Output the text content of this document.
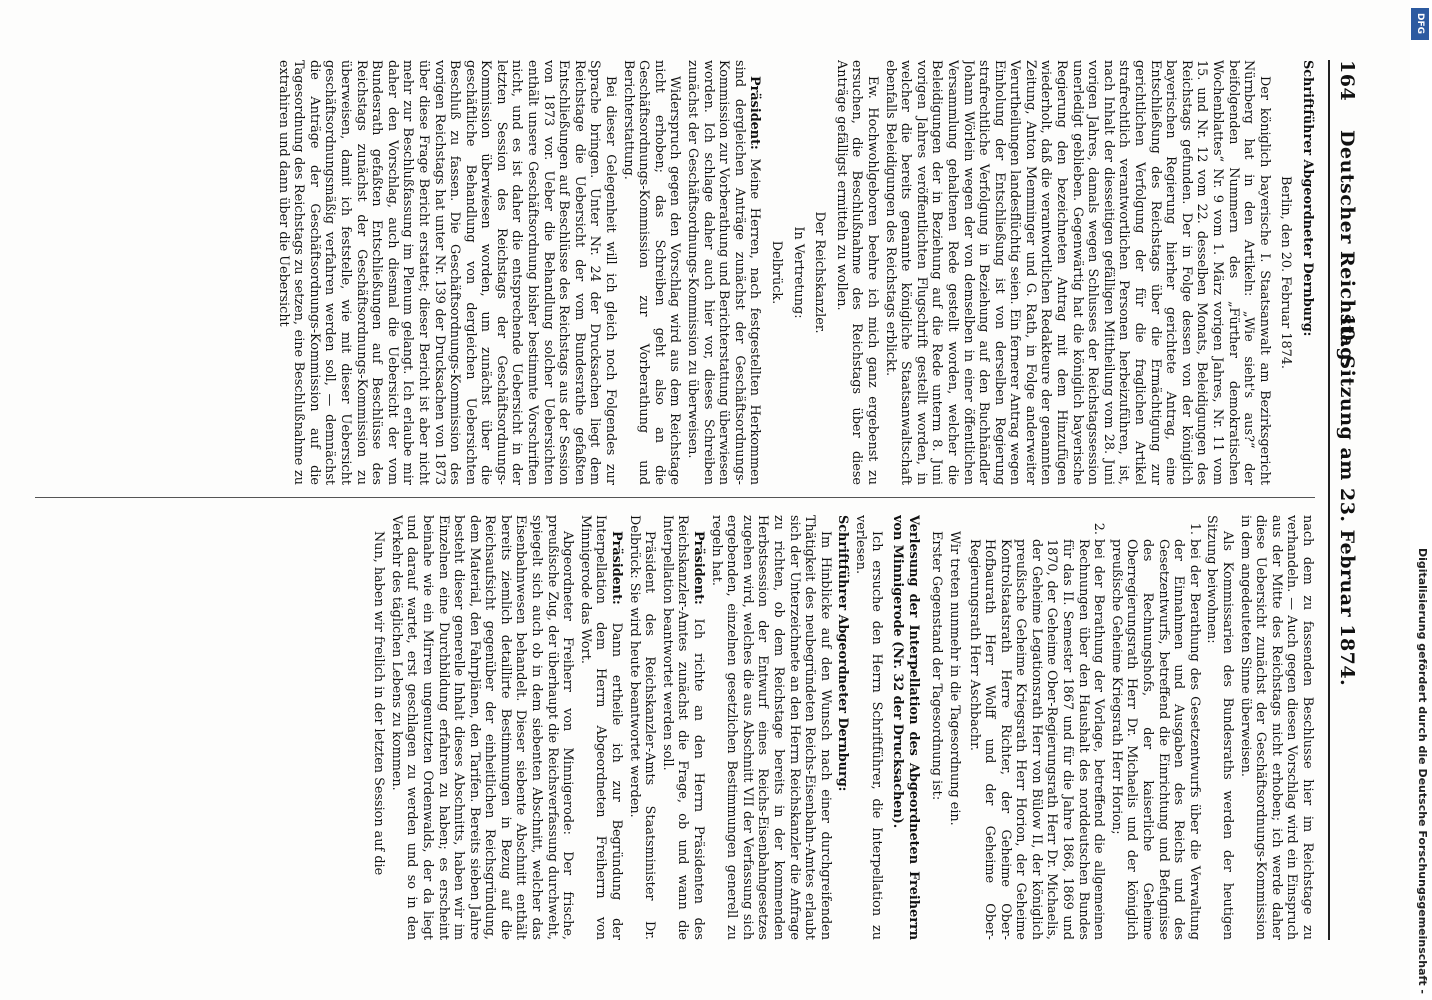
164
Deutscher Reichstag.
10. Sitzung am 23. Februar 1874.

Schriftführer Abgeordneter Dernburg:

Berlin, den 20. Februar 1874.

Der königlich bayerische I. Staatsanwalt am Bezirksgericht Nürnberg hat in den Artikeln: „Wie sieht's aus?“ der beifolgenden Nummern des „Fürther demokratischen Wochenblattes“ Nr. 9 vom 1. März vorigen Jahres, Nr. 11 vom 15. und Nr. 12 vom 22. desselben Monats, Beleidigungen des Reichstags gefunden. Der in Folge dessen von der königlich bayerischen Regierung hierher gerichtete Antrag, eine Entschließung des Reichstags über die Ermächtigung zur gerichtlichen Verfolgung der für die fraglichen Artikel strafrechtlich verantwortlichen Personen herbeizuführen, ist, nach Inhalt der diesseitigen gefälligen Mittheilung vom 28. Juni vorigen Jahres, damals wegen Schlusses der Reichstagssession unerledigt geblieben. Gegenwärtig hat die königlich bayerische Regierung den bezeichneten Antrag mit dem Hinzufügen wiederholt, daß die verantwortlichen Redakteure der genannten Zeitung, Anton Memminger und G. Rath, in Folge anderweiter Verurtheilungen landesflüchtig seien. Ein fernerer Antrag wegen Einholung der Entschließung ist von derselben Regierung strafrechtliche Verfolgung in Beziehung auf den Buchhändler Johann Wörlein wegen der von demselben in einer öffentlichen Versammlung gehaltenen Rede gestellt worden, welcher die Beleidigungen der in Beziehung auf die Rede unterm 8. Juni vorigen Jahres veröffentlichten Flugschrift gestellt worden, in welcher die bereits genannte königliche Staatsanwaltschaft ebenfalls Beleidigungen des Reichstags erblickt.

Ew. Hochwohlgeboren beehre ich mich ganz ergebenst zu ersuchen, die Beschlußnahme des Reichstags über diese Anträge gefälligst ermitteln zu wollen.

Der Reichskanzler.

In Vertretung:

Delbrück.

Präsident: Meine Herren, nach festgestellten Herkommen sind dergleichen Anträge zunächst der Geschäftsordnungs-Kommission zur Vorberathung und Berichterstattung überwiesen worden. Ich schlage daher auch hier vor, dieses Schreiben zunächst der Geschäftsordnungs-Kommission zu überweisen.

Widerspruch gegen den Vorschlag wird aus dem Reichstage nicht erhoben; das Schreiben geht also an die Geschäftsordnungs-Kommission zur Vorberathung und Berichterstattung.

Bei dieser Gelegenheit will ich gleich noch Folgendes zur Sprache bringen. Unter Nr. 24 der Drucksachen liegt dem Reichstage die Uebersicht der vom Bundesrathe gefaßten Entschließungen auf Beschlüsse des Reichstags aus der Session von 1873 vor. Ueber die Behandlung solcher Uebersichten enthält unsere Geschäftsordnung bisher bestimmte Vorschriften nicht, und es ist daher die entsprechende Uebersicht in der letzten Session des Reichstags der Geschäftsordnungs-Kommission überwiesen worden, um zunächst über die geschäftliche Behandlung von dergleichen Uebersichten Beschluß zu fassen. Die Geschäftsordnungs-Kommission des vorigen Reichstags hat unter Nr. 139 der Drucksachen von 1873 über diese Frage Bericht erstattet; dieser Bericht ist aber nicht mehr zur Beschlußfassung im Plenum gelangt. Ich erlaube mir daher den Vorschlag, auch diesmal die Uebersicht der vom Bundesrath gefaßten Entschließungen auf Beschlüsse des Reichstags zunächst der Geschäftsordnungs-Kommission zu überweisen, damit ich feststelle, wie mit dieser Uebersicht geschäftsordnungsmäßig verfahren werden soll, — demnächst die Anträge der Geschäftsordnungs-Kommission auf die Tagesordnung des Reichstags zu setzen, eine Beschlußnahme zu extrahiren und dann über die Uebersicht

nach dem zu fassenden Beschlusse hier im Reichstage zu verhandeln. — Auch gegen diesen Vorschlag wird ein Einspruch aus der Mitte des Reichstags nicht erhoben; ich werde daher diese Uebersicht zunächst der Geschäftsordnungs-Kommission in dem angedeuteten Sinne überweisen.

Als Kommissarien des Bundesraths werden der heutigen Sitzung beiwohnen:

1. bei der Berathung des Gesetzentwurfs über die Verwaltung der Einnahmen und Ausgaben des Reichs und des Gesetzentwurfs, betreffend die Einrichtung und Befugnisse des Rechnungshofs, der kaiserliche Geheime Oberregierungsrath Herr Dr. Michaelis und der königlich preußische Geheime Kriegsrath Herr Horion;
2. bei der Berathung der Vorlage, betreffend die allgemeinen Rechnungen über den Haushalt des norddeutschen Bundes für das II. Semester 1867 und für die Jahre 1868, 1869 und 1870, der Geheime Ober-Regierungsrath Herr Dr. Michaelis, der Geheime Legationsrath Herr von Bülow II, der königlich preußische Geheime Kriegsrath Herr Horion, der Geheime Kontrolstaatsrath Herre Richter, der Geheime Ober-Hofbaurath Herr Wolff und der Geheime Ober-Regierungsrath Herr Aschbachr.

Wir treten nunmehr in die Tagesordnung ein.

Erster Gegenstand der Tagesordnung ist:

Verlesung der Interpellation des Abgeordneten Freiherrn von Minnigerode (Nr. 32 der Drucksachen).

Ich ersuche den Herrn Schriftführer, die Interpellation zu verlesen.

Schriftführer Abgeordneter Dernburg:

Im Hinblicke auf den Wunsch nach einer durchgreifenden Thätigkeit des neubegründeten Reichs-Eisenbahn-Amtes erlaubt sich der Unterzeichnete an den Herrn Reichskanzler die Anfrage zu richten, ob dem Reichstage bereits in der kommenden Herbstsession der Entwurf eines Reichs-Eisenbahngesetzes zugehen wird, welches die aus Abschnitt VII der Verfassung sich ergebenden, einzelnen gesetzlichen Bestimmungen generell zu regeln hat.

Präsident: Ich richte an den Herrn Präsidenten des Reichskanzler-Amtes zunächst die Frage, ob und wann die Interpellation beantwortet werden soll.

Präsident des Reichskanzler-Amts Staatsminister Dr. Delbrück: Sie wird heute beantwortet werden.

Präsident: Dann ertheile ich zur Begründung der Interpellation dem Herrn Abgeordneten Freiherrn von Minnigerode das Wort.

Abgeordneter Freiherr von Minnigerode: Der frische, preußische Zug, der überhaupt die Reichsverfassung durchweht, spiegelt sich auch ob in dem siebenten Abschnitt, welcher das Eisenbahnwesen behandelt. Dieser siebente Abschnitt enthält bereits ziemlich detaillirte Bestimmungen in Bezug auf die Reichsaufsicht gegenüber der einheitlichen Reichsgründung, dem Material, den Fahrplänen, den Tarifen. Bereits sieben Jahre besteht dieser generelle Inhalt dieses Abschnitts, haben wir im Einzelnen eine Durchbildung erfahren zu haben; es erscheint beinahe wie ein Mirren ungenutzten Ordenwalds, der da liegt und darauf wartet, erst geschlagen zu werden und so in den Verkehr des täglichen Lebens zu kommen.

Nun, haben wir freilich in der letzten Session auf die	Digitalisierung gefördert durch die Deutsche Forschungsgemeinschaft -
DFG
